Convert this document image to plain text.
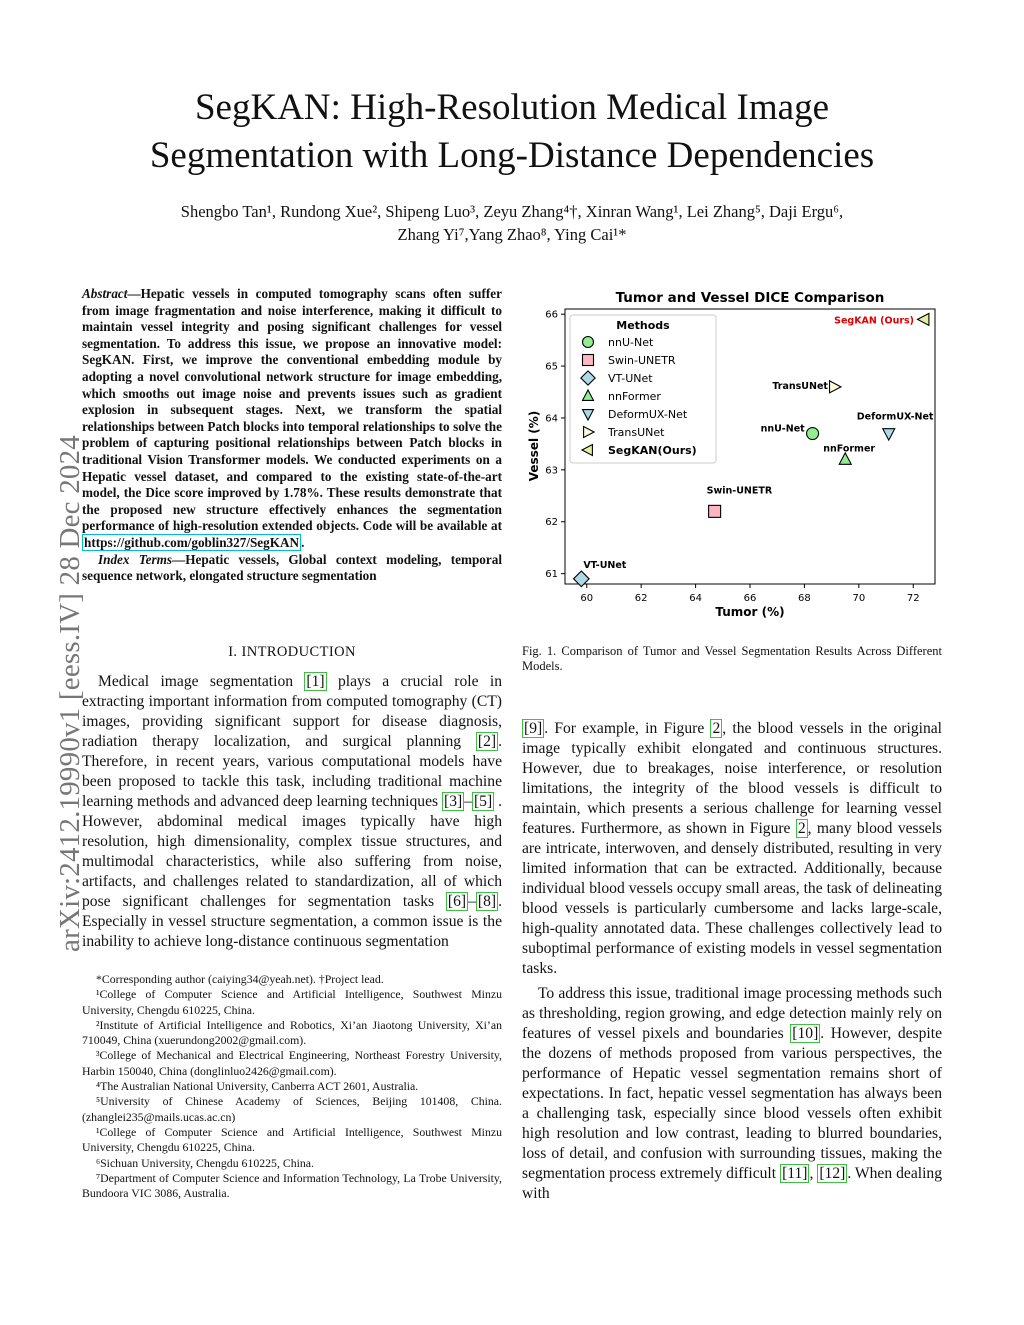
arXiv:2412.19990v1 [eess.IV] 28 Dec 2024
SegKAN: High-Resolution Medical Image
Segmentation with Long-Distance Dependencies
Shengbo Tan¹, Rundong Xue², Shipeng Luo³, Zeyu Zhang⁴†, Xinran Wang¹, Lei Zhang⁵, Daji Ergu⁶,
Zhang Yi⁷,Yang Zhao⁸, Ying Cai¹*
Abstract—Hepatic vessels in computed tomography scans often suffer from image fragmentation and noise interference, making it difficult to maintain vessel integrity and posing significant challenges for vessel segmentation. To address this issue, we propose an innovative model: SegKAN. First, we improve the conventional embedding module by adopting a novel convolutional network structure for image embedding, which smooths out image noise and prevents issues such as gradient explosion in subsequent stages. Next, we transform the spatial relationships between Patch blocks into temporal relationships to solve the problem of capturing positional relationships between Patch blocks in traditional Vision Transformer models. We conducted experiments on a Hepatic vessel dataset, and compared to the existing state-of-the-art model, the Dice score improved by 1.78%. These results demonstrate that the proposed new structure effectively enhances the segmentation performance of high-resolution extended objects. Code will be available at https://github.com/goblin327/SegKAN .
Index Terms—Hepatic vessels, Global context modeling, temporal sequence network, elongated structure segmentation
I. INTRODUCTION

Medical image segmentation [1] plays a crucial role in extracting important information from computed tomography (CT) images, providing significant support for disease diagnosis, radiation therapy localization, and surgical planning [2] . Therefore, in recent years, various computational models have been proposed to tackle this task, including traditional machine learning methods and advanced deep learning techniques [3] – [5] . However, abdominal medical images typically have high resolution, high dimensionality, complex tissue structures, and multimodal characteristics, while also suffering from noise, artifacts, and challenges related to standardization, all of which pose significant challenges for segmentation tasks [6] – [8] . Especially in vessel structure segmentation, a common issue is the inability to achieve long-distance continuous segmentation

*Corresponding author (caiying34@yeah.net). †Project lead.
¹College of Computer Science and Artificial Intelligence, Southwest Minzu University, Chengdu 610225, China.
²Institute of Artificial Intelligence and Robotics, Xi’an Jiaotong University, Xi’an 710049, China (xuerundong2002@gmail.com).
³College of Mechanical and Electrical Engineering, Northeast Forestry University, Harbin 150040, China (donglinluo2426@gmail.com).
⁴The Australian National University, Canberra ACT 2601, Australia.
⁵University of Chinese Academy of Sciences, Beijing 101408, China. (zhanglei235@mails.ucas.ac.cn)
¹College of Computer Science and Artificial Intelligence, Southwest Minzu University, Chengdu 610225, China.
⁶Sichuan University, Chengdu 610225, China.
⁷Department of Computer Science and Information Technology, La Trobe University, Bundoora VIC 3086, Australia.
Tumor and Vessel DICE Comparison
60	62	64	66	68	70	72
61
62
63
64
65
66
Tumor (%)
Vessel (%)	nnU-Net
Swin-UNETR
VT-UNet
nnFormer
DeformUX-Net
TransUNet
SegKAN (Ours)
Methods
nnU-Net
Swin-UNETR
VT-UNet
nnFormer
DeformUX-Net
TransUNet
SegKAN(Ours)
Fig. 1. Comparison of Tumor and Vessel Segmentation Results Across Different Models.

[9] . For example, in Figure 2 , the blood vessels in the original image typically exhibit elongated and continuous structures. However, due to breakages, noise interference, or resolution limitations, the integrity of the blood vessels is difficult to maintain, which presents a serious challenge for learning vessel features. Furthermore, as shown in Figure 2 , many blood vessels are intricate, interwoven, and densely distributed, resulting in very limited information that can be extracted. Additionally, because individual blood vessels occupy small areas, the task of delineating blood vessels is particularly cumbersome and lacks large-scale, high-quality annotated data. These challenges collectively lead to suboptimal performance of existing models in vessel segmentation tasks.

To address this issue, traditional image processing methods such as thresholding, region growing, and edge detection mainly rely on features of vessel pixels and boundaries [10] . However, despite the dozens of methods proposed from various perspectives, the performance of Hepatic vessel segmentation remains short of expectations. In fact, hepatic vessel segmentation has always been a challenging task, especially since blood vessels often exhibit high resolution and low contrast, leading to blurred boundaries, loss of detail, and confusion with surrounding tissues, making the segmentation process extremely difficult [11] , [12] . When dealing with
